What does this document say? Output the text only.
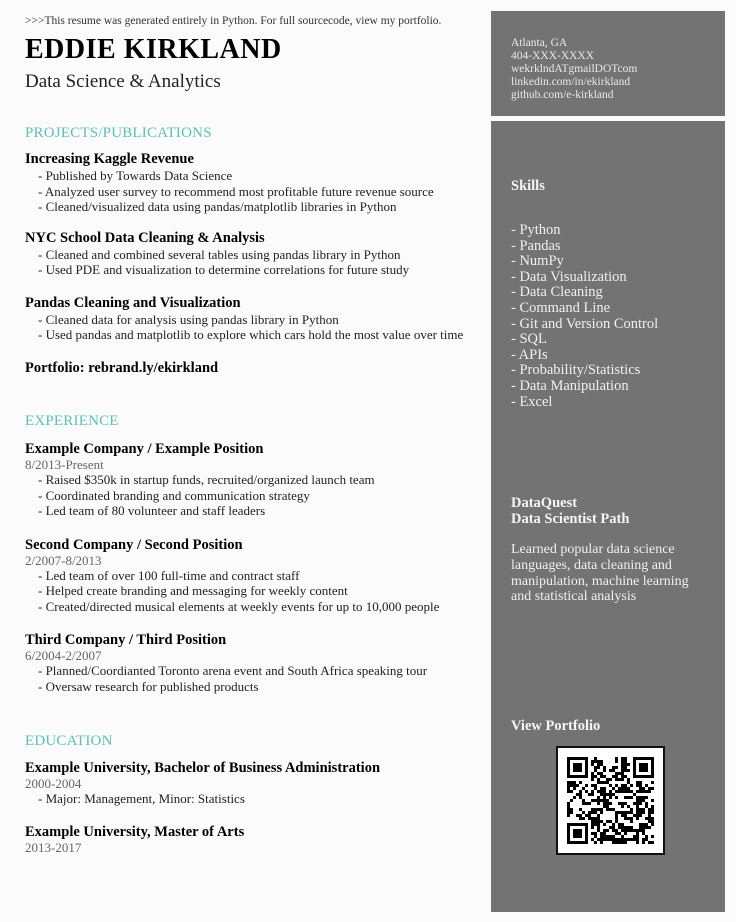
>>>This resume was generated entirely in Python. For full sourcecode, view my portfolio.
EDDIE KIRKLAND
Data Science & Analytics
PROJECTS/PUBLICATIONS
Increasing Kaggle Revenue
- Published by Towards Data Science
- Analyzed user survey to recommend most profitable future revenue source
- Cleaned/visualized data using pandas/matplotlib libraries in Python
NYC School Data Cleaning & Analysis
- Cleaned and combined several tables using pandas library in Python
- Used PDE and visualization to determine correlations for future study
Pandas Cleaning and Visualization
- Cleaned data for analysis using pandas library in Python
- Used pandas and matplotlib to explore which cars hold the most value over time
Portfolio: rebrand.ly/ekirkland
EXPERIENCE
Example Company / Example Position
8/2013-Present
- Raised $350k in startup funds, recruited/organized launch team
- Coordinated branding and communication strategy
- Led team of 80 volunteer and staff leaders
Second Company / Second Position
2/2007-8/2013
- Led team of over 100 full-time and contract staff
- Helped create branding and messaging for weekly content
- Created/directed musical elements at weekly events for up to 10,000 people
Third Company / Third Position
6/2004-2/2007
- Planned/Coordianted Toronto arena event and South Africa speaking tour
- Oversaw research for published products
EDUCATION
Example University, Bachelor of Business Administration
2000-2004
- Major: Management, Minor: Statistics
Example University, Master of Arts
2013-2017
Atlanta, GA
404-XXX-XXXX
wekrklndATgmailDOTcom
linkedin.com/in/ekirkland
github.com/e-kirkland
Skills
- Python
- Pandas
- NumPy
- Data Visualization
- Data Cleaning
- Command Line
- Git and Version Control
- SQL
- APIs
- Probability/Statistics
- Data Manipulation
- Excel
DataQuest
Data Scientist Path
Learned popular data science
languages, data cleaning and
manipulation, machine learning
and statistical analysis
View Portfolio
